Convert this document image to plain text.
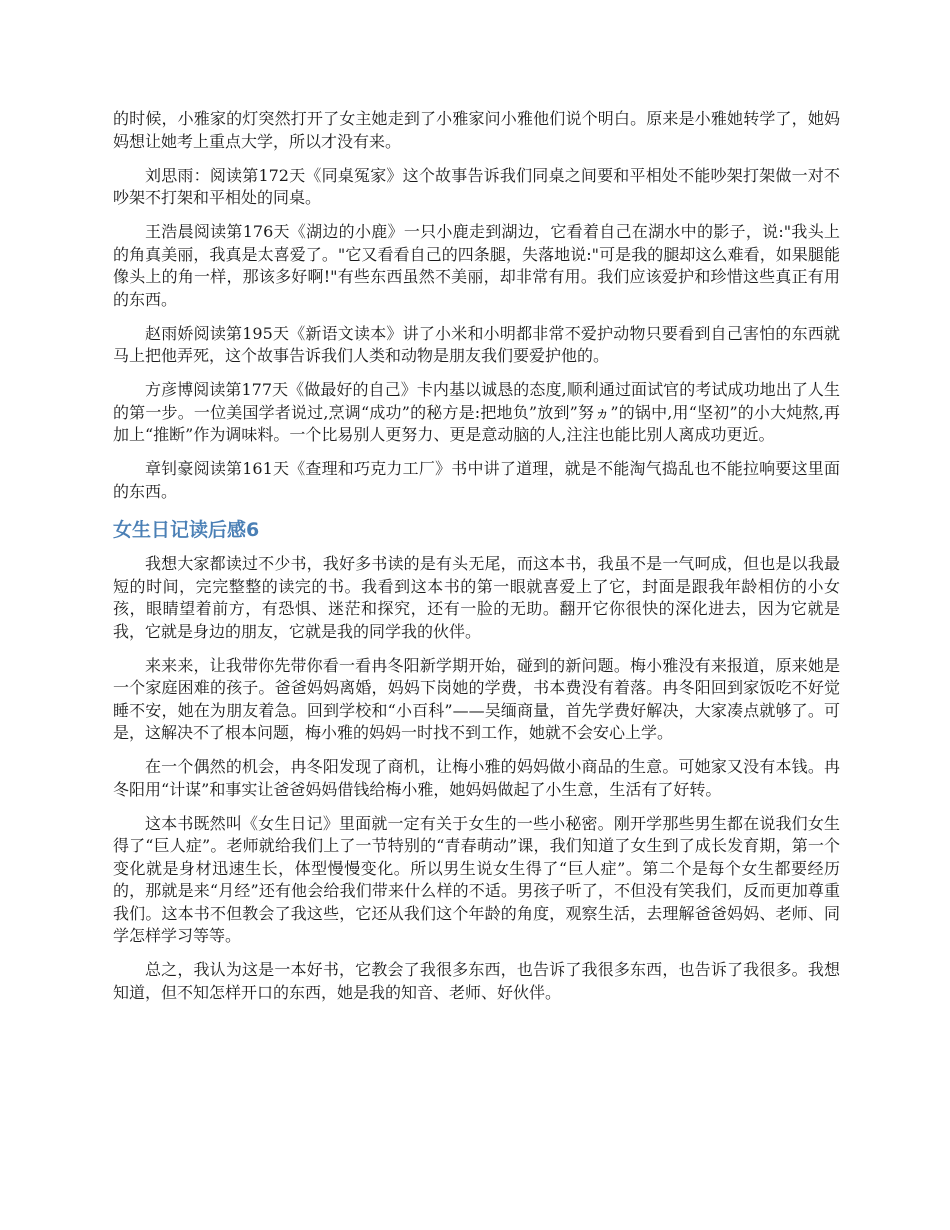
的时候，小雅家的灯突然打开了女主她走到了小雅家问小雅他们说个明白。原来是小雅她转学了，她妈妈想让她考上重点大学，所以才没有来。

刘思雨：阅读第172天《同桌冤家》这个故事告诉我们同桌之间要和平相处不能吵架打架做一对不吵架不打架和平相处的同桌。

王浩晨阅读第176天《湖边的小鹿》一只小鹿走到湖边，它看着自己在湖水中的影子，说:"我头上的角真美丽，我真是太喜爱了。"它又看看自己的四条腿，失落地说:"可是我的腿却这么难看，如果腿能像头上的角一样，那该多好啊!"有些东西虽然不美丽，却非常有用。我们应该爱护和珍惜这些真正有用的东西。

赵雨娇阅读第195天《新语文读本》讲了小米和小明都非常不爱护动物只要看到自己害怕的东西就马上把他弄死，这个故事告诉我们人类和动物是朋友我们要爱护他的。

方彦博阅读第177天《做最好的自己》卡内基以诚恳的态度,顺利通过面试官的考试成功地出了人生的第一步。一位美国学者说过,烹调“成功”的秘方是:把地负”放到”努ヵ”的锅中,用“坚初”的小大炖熬,再加上“推断”作为调味料。一个比易别人更努力、更是意动脑的人,注注也能比别人离成功更近。

章钊豪阅读第161天《查理和巧克力工厂》书中讲了道理，就是不能淘气捣乱也不能拉响要这里面的东西。

女生日记读后感6

我想大家都读过不少书，我好多书读的是有头无尾，而这本书，我虽不是一气呵成，但也是以我最短的时间，完完整整的读完的书。我看到这本书的第一眼就喜爱上了它，封面是跟我年龄相仿的小女孩，眼睛望着前方，有恐惧、迷茫和探究，还有一脸的无助。翻开它你很快的深化进去，因为它就是我，它就是身边的朋友，它就是我的同学我的伙伴。

来来来，让我带你先带你看一看冉冬阳新学期开始，碰到的新问题。梅小雅没有来报道，原来她是一个家庭困难的孩子。爸爸妈妈离婚，妈妈下岗她的学费，书本费没有着落。冉冬阳回到家饭吃不好觉睡不安，她在为朋友着急。回到学校和“小百科”——吴缅商量，首先学费好解决，大家凑点就够了。可是，这解决不了根本问题，梅小雅的妈妈一时找不到工作，她就不会安心上学。

在一个偶然的机会，冉冬阳发现了商机，让梅小雅的妈妈做小商品的生意。可她家又没有本钱。冉冬阳用“计谋”和事实让爸爸妈妈借钱给梅小雅，她妈妈做起了小生意，生活有了好转。

这本书既然叫《女生日记》里面就一定有关于女生的一些小秘密。刚开学那些男生都在说我们女生得了“巨人症”。老师就给我们上了一节特别的“青春萌动”课，我们知道了女生到了成长发育期，第一个变化就是身材迅速生长，体型慢慢变化。所以男生说女生得了“巨人症”。第二个是每个女生都要经历的，那就是来“月经”还有他会给我们带来什么样的不适。男孩子听了，不但没有笑我们，反而更加尊重我们。这本书不但教会了我这些，它还从我们这个年龄的角度，观察生活，去理解爸爸妈妈、老师、同学怎样学习等等。

总之，我认为这是一本好书，它教会了我很多东西，也告诉了我很多东西，也告诉了我很多。我想知道，但不知怎样开口的东西，她是我的知音、老师、好伙伴。
